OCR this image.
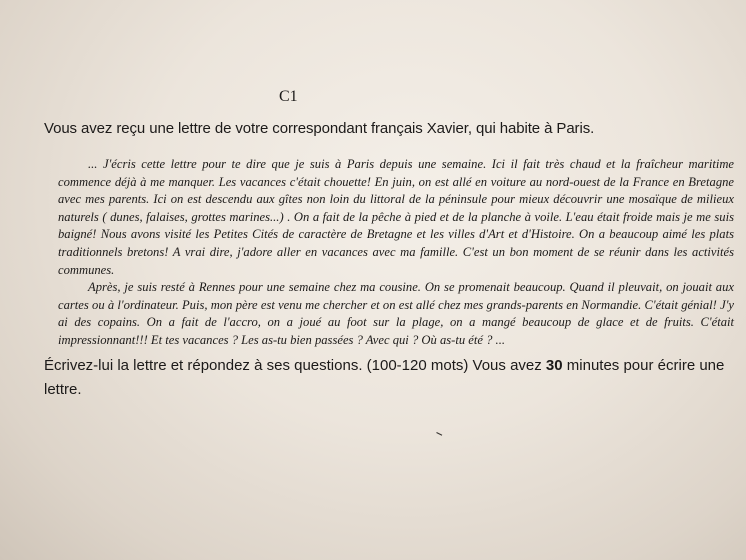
C1
Vous avez reçu une lettre de votre correspondant français Xavier, qui habite à Paris.

... J'écris cette lettre pour te dire que je suis à Paris depuis une semaine. Ici il fait très chaud et la fraîcheur maritime commence déjà à me manquer. Les vacances c'était chouette! En juin, on est allé en voiture au nord-ouest de la France en Bretagne avec mes parents. Ici on est descendu aux gîtes non loin du littoral de la péninsule pour mieux découvrir une mosaïque de milieux naturels ( dunes, falaises, grottes marines...) . On a fait de la pêche à pied et de la planche à voile. L'eau était froide mais je me suis baigné! Nous avons visité les Petites Cités de caractère de Bretagne et les villes d'Art et d'Histoire. On a beaucoup aimé les plats traditionnels bretons! A vrai dire, j'adore aller en vacances avec ma famille. C'est un bon moment de se réunir dans les activités communes.

Après, je suis resté à Rennes pour une semaine chez ma cousine. On se promenait beaucoup. Quand il pleuvait, on jouait aux cartes ou à l'ordinateur. Puis, mon père est venu me chercher et on est allé chez mes grands-parents en Normandie. C'était génial! J'y ai des copains. On a fait de l'accro, on a joué au foot sur la plage, on a mangé beaucoup de glace et de fruits. C'était impressionnant!!! Et tes vacances ? Les as-tu bien passées ? Avec qui ? Où as-tu été ? ...

Écrivez-lui la lettre et répondez à ses questions. (100-120 mots) Vous avez 30 minutes pour écrire une lettre.
